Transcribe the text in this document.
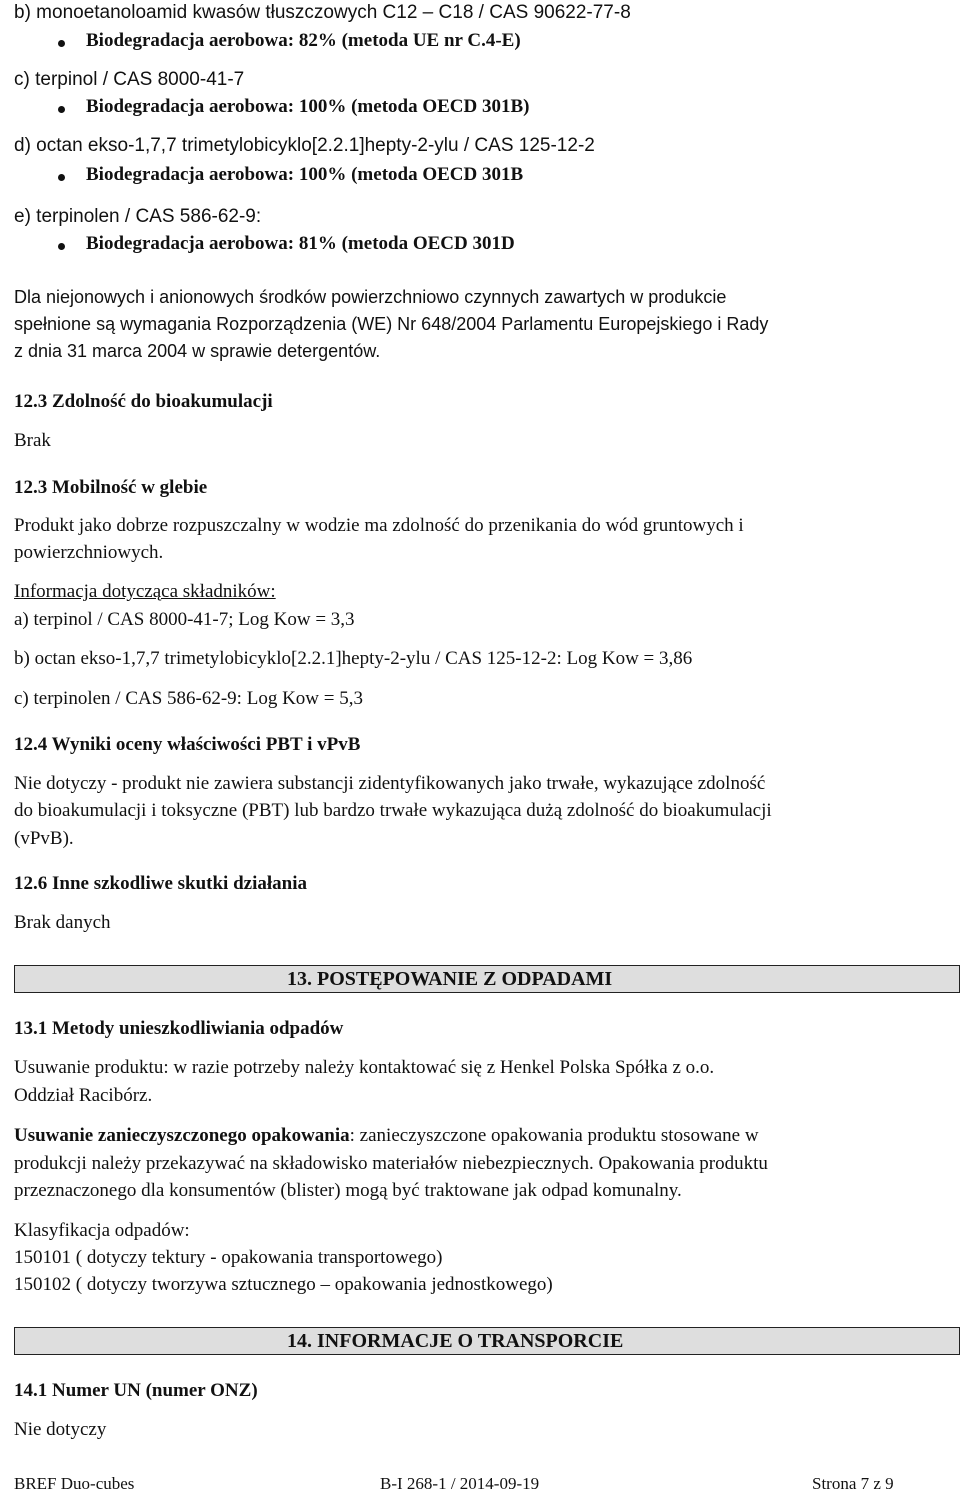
b) monoetanoloamid kwasów tłuszczowych C12 – C18 / CAS 90622-77-8
Biodegradacja aerobowa: 82% (metoda UE nr C.4-E)
c) terpinol / CAS 8000-41-7
Biodegradacja aerobowa: 100% (metoda OECD 301B)
d) octan ekso-1,7,7 trimetylobicyklo[2.2.1]hepty-2-ylu / CAS 125-12-2
Biodegradacja aerobowa: 100% (metoda OECD 301B
e) terpinolen / CAS 586-62-9:
Biodegradacja aerobowa: 81% (metoda OECD 301D
Dla niejonowych i anionowych środków powierzchniowo czynnych zawartych w produkcie
spełnione są wymagania Rozporządzenia (WE) Nr 648/2004 Parlamentu Europejskiego i Rady
z dnia 31 marca 2004 w sprawie detergentów.
12.3 Zdolność do bioakumulacji
Brak
12.3 Mobilność w glebie
Produkt jako dobrze rozpuszczalny w wodzie ma zdolność do przenikania do wód gruntowych i
powierzchniowych.
Informacja dotycząca składników:
a) terpinol / CAS 8000-41-7; Log Kow = 3,3
b) octan ekso-1,7,7 trimetylobicyklo[2.2.1]hepty-2-ylu / CAS 125-12-2: Log Kow = 3,86
c) terpinolen / CAS 586-62-9: Log Kow = 5,3
12.4 Wyniki oceny właściwości PBT i vPvB
Nie dotyczy - produkt nie zawiera substancji zidentyfikowanych jako trwałe, wykazujące zdolność
do bioakumulacji i toksyczne (PBT) lub bardzo trwałe wykazująca dużą zdolność do bioakumulacji
(vPvB).
12.6 Inne szkodliwe skutki działania
Brak danych
13. POSTĘPOWANIE Z ODPADAMI
13.1 Metody unieszkodliwiania odpadów
Usuwanie produktu: w razie potrzeby należy kontaktować się z Henkel Polska Spółka z o.o.
Oddział Racibórz.
Usuwanie zanieczyszczonego opakowania: zanieczyszczone opakowania produktu stosowane w
produkcji należy przekazywać na składowisko materiałów niebezpiecznych. Opakowania produktu
przeznaczonego dla konsumentów (blister) mogą być traktowane jak odpad komunalny.
Klasyfikacja odpadów:
150101 ( dotyczy tektury - opakowania transportowego)
150102 ( dotyczy tworzywa sztucznego – opakowania jednostkowego)
14. INFORMACJE O TRANSPORCIE
14.1 Numer UN (numer ONZ)
Nie dotyczy
BREF Duo-cubes	B-I 268-1 / 2014-09-19	Strona 7 z 9
